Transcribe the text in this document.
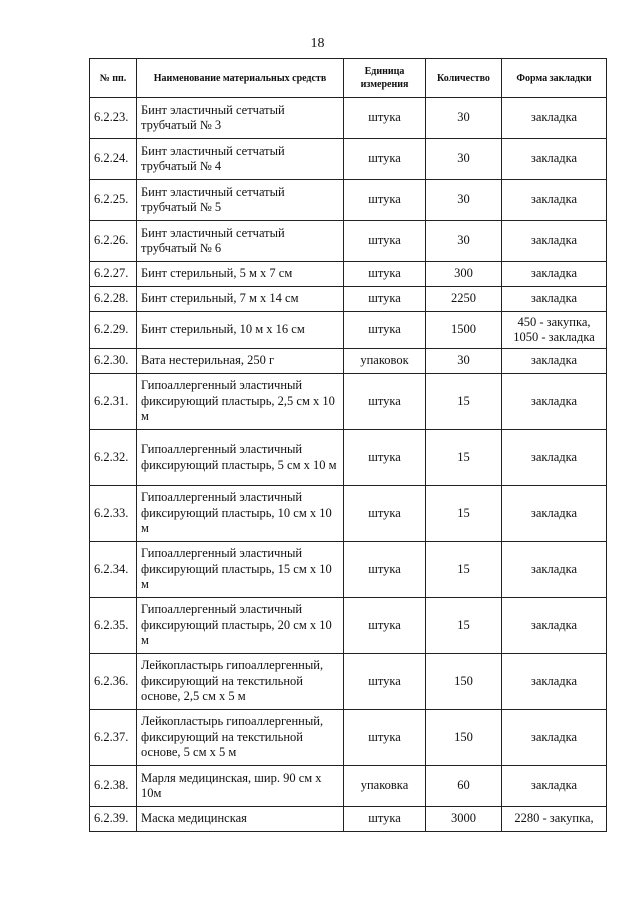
18
№ пп.	Наименование материальных средств	Единица измерения	Количество	Форма закладки
6.2.23.	Бинт эластичный сетчатый трубчатый № 3	штука	30	закладка
6.2.24.	Бинт эластичный сетчатый трубчатый № 4	штука	30	закладка
6.2.25.	Бинт эластичный сетчатый трубчатый № 5	штука	30	закладка
6.2.26.	Бинт эластичный сетчатый трубчатый № 6	штука	30	закладка
6.2.27.	Бинт стерильный, 5 м х 7 см	штука	300	закладка
6.2.28.	Бинт стерильный, 7 м х 14 см	штука	2250	закладка
6.2.29.	Бинт стерильный, 10 м х 16 см	штука	1500	450 - закупка, 1050 - закладка
6.2.30.	Вата нестерильная, 250 г	упаковок	30	закладка
6.2.31.	Гипоаллергенный эластичный фиксирующий пластырь, 2,5 см х 10 м	штука	15	закладка
6.2.32.	Гипоаллергенный эластичный фиксирующий пластырь, 5 см х 10 м	штука	15	закладка
6.2.33.	Гипоаллергенный эластичный фиксирующий пластырь, 10 см х 10 м	штука	15	закладка
6.2.34.	Гипоаллергенный эластичный фиксирующий пластырь, 15 см х 10 м	штука	15	закладка
6.2.35.	Гипоаллергенный эластичный фиксирующий пластырь, 20 см х 10 м	штука	15	закладка
6.2.36.	Лейкопластырь гипоаллергенный, фиксирующий на текстильной основе, 2,5 см х 5 м	штука	150	закладка
6.2.37.	Лейкопластырь гипоаллергенный, фиксирующий на текстильной основе, 5 см х 5 м	штука	150	закладка
6.2.38.	Марля медицинская, шир. 90 см х 10м	упаковка	60	закладка
6.2.39.	Маска медицинская	штука	3000	2280 - закупка,
